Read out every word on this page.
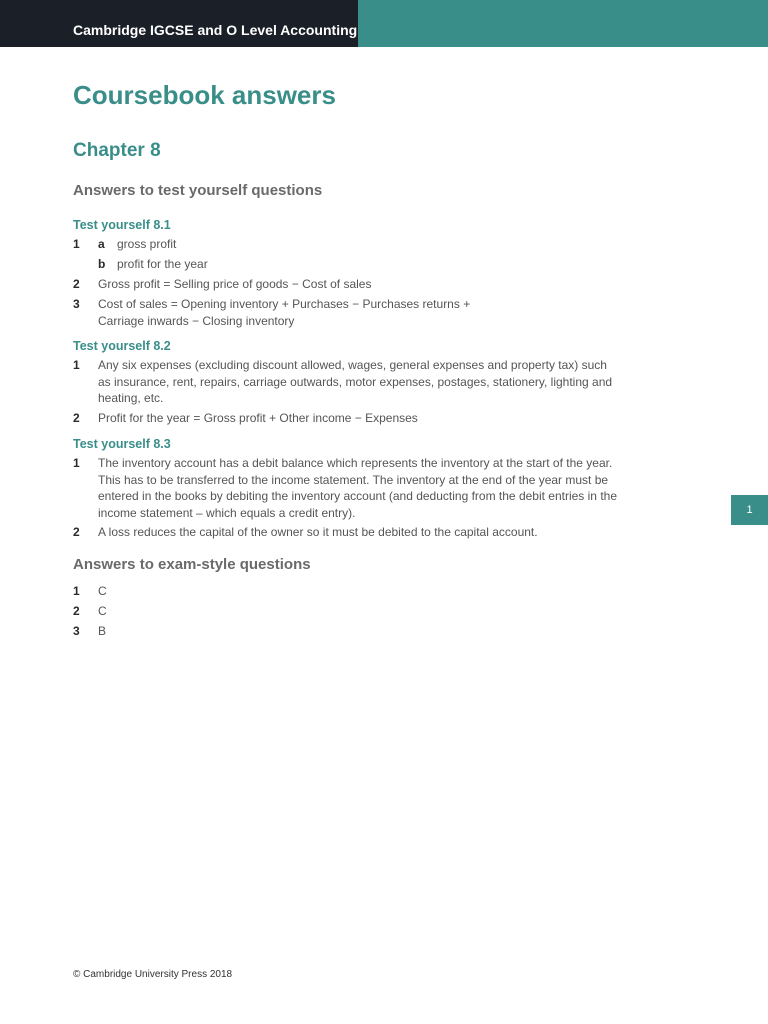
Cambridge IGCSE and O Level Accounting
Coursebook answers
Chapter 8
Answers to test yourself questions
Test yourself 8.1
1 a gross profit
b profit for the year
2 Gross profit = Selling price of goods − Cost of sales
3 Cost of sales = Opening inventory + Purchases − Purchases returns + Carriage inwards − Closing inventory
Test yourself 8.2
1 Any six expenses (excluding discount allowed, wages, general expenses and property tax) such as insurance, rent, repairs, carriage outwards, motor expenses, postages, stationery, lighting and heating, etc.
2 Profit for the year = Gross profit + Other income − Expenses
Test yourself 8.3
1 The inventory account has a debit balance which represents the inventory at the start of the year. This has to be transferred to the income statement. The inventory at the end of the year must be entered in the books by debiting the inventory account (and deducting from the debit entries in the income statement – which equals a credit entry).
2 A loss reduces the capital of the owner so it must be debited to the capital account.
Answers to exam-style questions
1 C
2 C
3 B
1
© Cambridge University Press 2018
